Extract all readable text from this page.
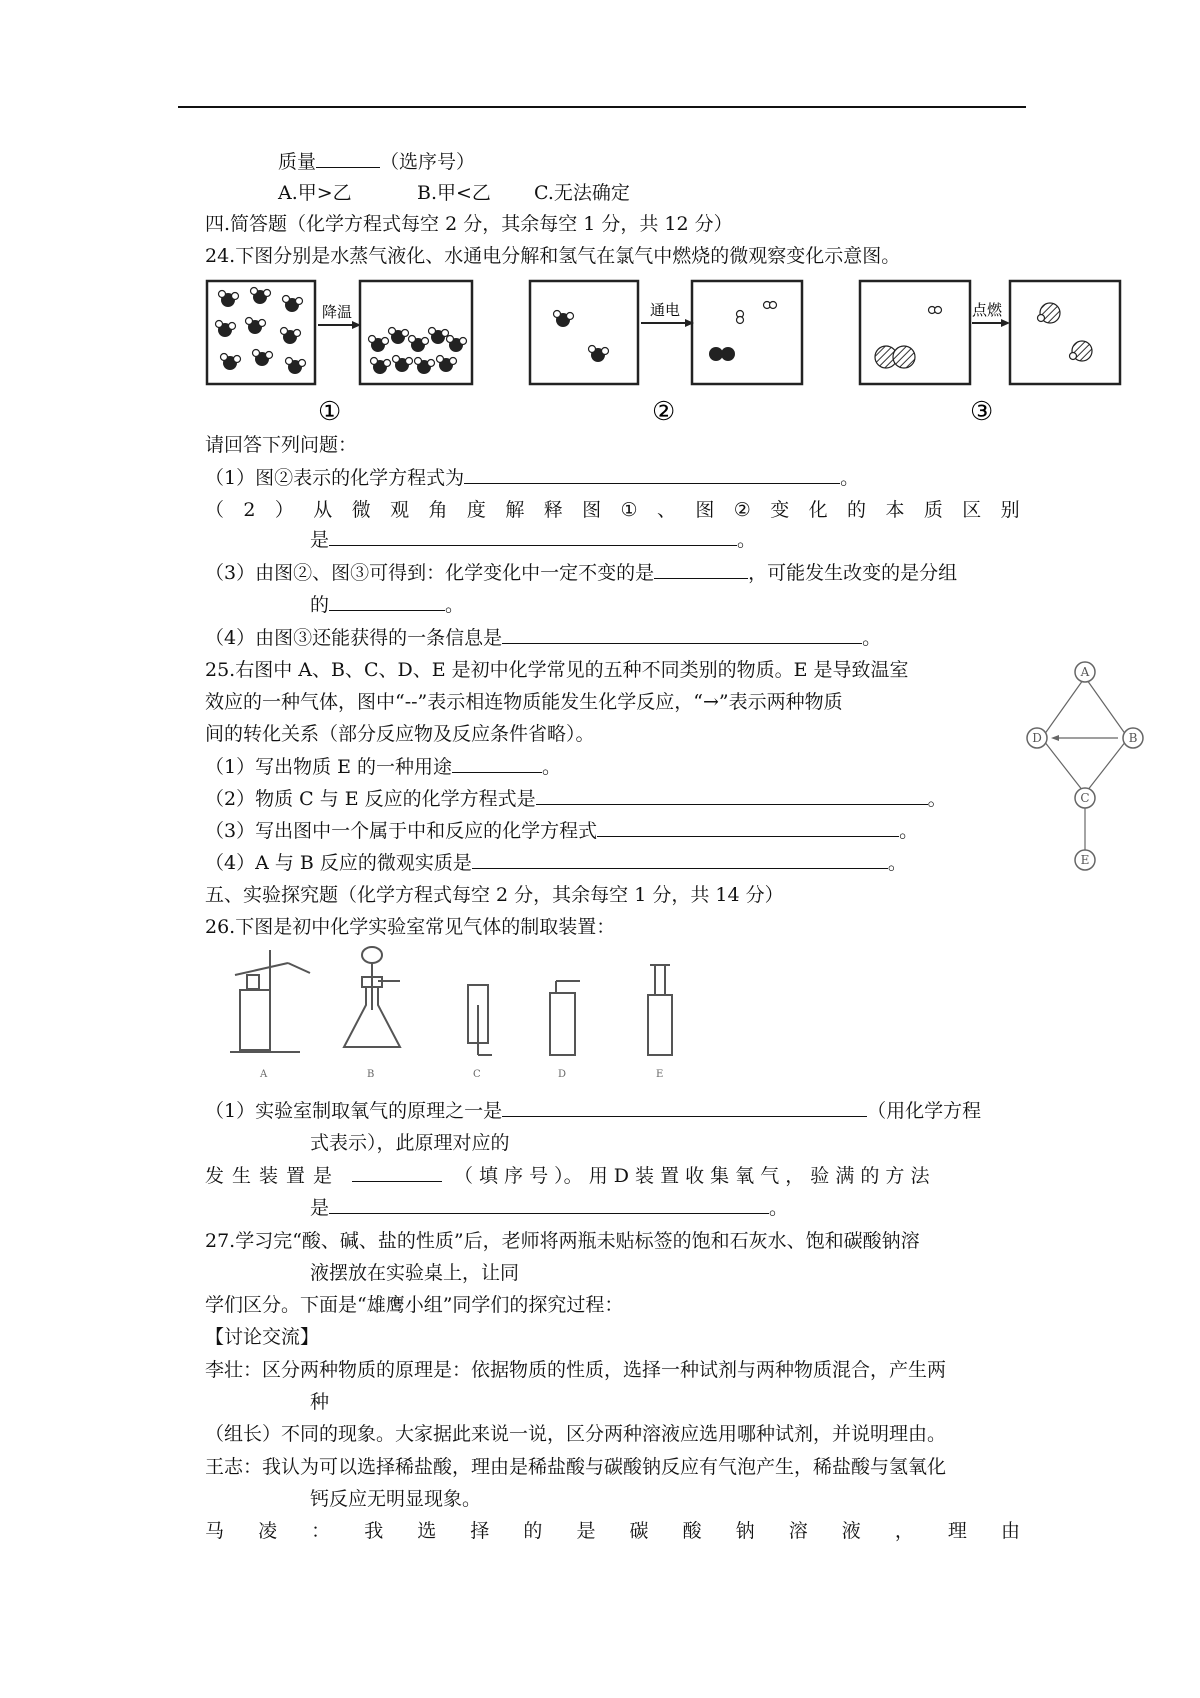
质量	（选序号）
A.甲>乙	B.甲<乙 C.无法确定
四.简答题（化学方程式每空 2 分，其余每空 1 分，共 12 分）
24.下图分别是水蒸气液化、水通电分解和氢气在氯气中燃烧的微观察变化示意图。
降温
①
通电
②
点燃
③
请回答下列问题：
（1）图②表示的化学方程式为	。
（ 2 ） 从 微 观 角 度 解 释 图 ① 、 图 ② 变 化 的 本 质 区 别
是	。
（3）由图②、图③可得到：化学变化中一定不变的是	，可能发生改变的是分组
的	。
（4）由图③还能获得的一条信息是	。
25.右图中 A、B、C、D、E 是初中化学常见的五种不同类别的物质。E 是导致温室
效应的一种气体，图中“--”表示相连物质能发生化学反应，“→”表示两种物质
间的转化关系（部分反应物及反应条件省略）。
（1）写出物质 E 的一种用途	。
（2）物质 C 与 E 反应的化学方程式是	。
（3）写出图中一个属于中和反应的化学方程式	。
（4）A 与 B 反应的微观实质是	。
A
B
C
D
E
五、实验探究题（化学方程式每空 2 分，其余每空 1 分，共 14 分）
26.下图是初中化学实验室常见气体的制取装置：
A	B	C	D	E
（1）实验室制取氧气的原理之一是	（用化学方程
式表示），此原理对应的
发生装置是	（ 填 序 号 ）。 用 D 装 置 收 集 氧 气 ， 验 满 的 方 法
是	。
27.学习完“酸、碱、盐的性质”后，老师将两瓶未贴标签的饱和石灰水、饱和碳酸钠溶
液摆放在实验桌上，让同
学们区分。下面是“雄鹰小组”同学们的探究过程：
【讨论交流】
李壮：区分两种物质的原理是：依据物质的性质，选择一种试剂与两种物质混合，产生两
种
（组长）不同的现象。大家据此来说一说，区分两种溶液应选用哪种试剂，并说明理由。
王志：我认为可以选择稀盐酸，理由是稀盐酸与碳酸钠反应有气泡产生，稀盐酸与氢氧化
钙反应无明显现象。
马 凌 ： 我 选 择 的 是 碳 酸 钠 溶 液 ， 理 由
